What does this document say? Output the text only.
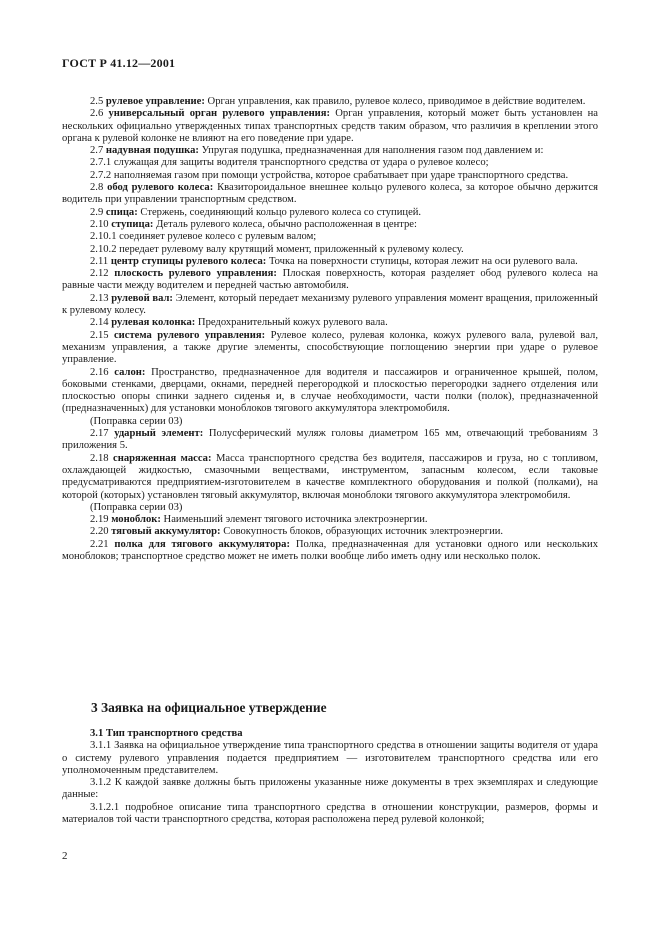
ГОСТ Р 41.12—2001

2.5 рулевое управление: Орган управления, как правило, рулевое колесо, приводимое в действие водителем.

2.6 универсальный орган рулевого управления: Орган управления, который может быть установлен на нескольких официально утвержденных типах транспортных средств таким образом, что различия в креплении этого органа к рулевой колонке не влияют на его поведение при ударе.

2.7 надувная подушка: Упругая подушка, предназначенная для наполнения газом под давлением и:

2.7.1 служащая для защиты водителя транспортного средства от удара о рулевое колесо;

2.7.2 наполняемая газом при помощи устройства, которое срабатывает при ударе транспортного средства.

2.8 обод рулевого колеса: Квазитороидальное внешнее кольцо рулевого колеса, за которое обычно держится водитель при управлении транспортным средством.

2.9 спица: Стержень, соединяющий кольцо рулевого колеса со ступицей.

2.10 ступица: Деталь рулевого колеса, обычно расположенная в центре:

2.10.1 соединяет рулевое колесо с рулевым валом;

2.10.2 передает рулевому валу крутящий момент, приложенный к рулевому колесу.

2.11 центр ступицы рулевого колеса: Точка на поверхности ступицы, которая лежит на оси рулевого вала.

2.12 плоскость рулевого управления: Плоская поверхность, которая разделяет обод рулевого колеса на равные части между водителем и передней частью автомобиля.

2.13 рулевой вал: Элемент, который передает механизму рулевого управления момент вращения, приложенный к рулевому колесу.

2.14 рулевая колонка: Предохранительный кожух рулевого вала.

2.15 система рулевого управления: Рулевое колесо, рулевая колонка, кожух рулевого вала, рулевой вал, механизм управления, а также другие элементы, способствующие поглощению энергии при ударе о рулевое управление.

2.16 салон: Пространство, предназначенное для водителя и пассажиров и ограниченное крышей, полом, боковыми стенками, дверцами, окнами, передней перегородкой и плоскостью перегородки заднего отделения или плоскостью опоры спинки заднего сиденья и, в случае необходимости, части полки (полок), предназначенной (предназначенных) для установки моноблоков тягового аккумулятора электромобиля.

(Поправка серии 03)

2.17 ударный элемент: Полусферический муляж головы диаметром 165 мм, отвечающий требованиям 3 приложения 5.

2.18 снаряженная масса: Масса транспортного средства без водителя, пассажиров и груза, но с топливом, охлаждающей жидкостью, смазочными веществами, инструментом, запасным колесом, если таковые предусматриваются предприятием-изготовителем в качестве комплектного оборудования и полкой (полками), на которой (которых) установлен тяговый аккумулятор, включая моноблоки тягового аккумулятора электромобиля.

(Поправка серии 03)

2.19 моноблок: Наименьший элемент тягового источника электроэнергии.

2.20 тяговый аккумулятор: Совокупность блоков, образующих источник электроэнергии.

2.21 полка для тягового аккумулятора: Полка, предназначенная для установки одного или нескольких моноблоков; транспортное средство может не иметь полки вообще либо иметь одну или несколько полок.

3 Заявка на официальное утверждение

3.1 Тип транспортного средства

3.1.1 Заявка на официальное утверждение типа транспортного средства в отношении защиты водителя от удара о систему рулевого управления подается предприятием — изготовителем транспортного средства или его уполномоченным представителем.

3.1.2 К каждой заявке должны быть приложены указанные ниже документы в трех экземплярах и следующие данные:

3.1.2.1 подробное описание типа транспортного средства в отношении конструкции, размеров, формы и материалов той части транспортного средства, которая расположена перед рулевой колонкой;

2
